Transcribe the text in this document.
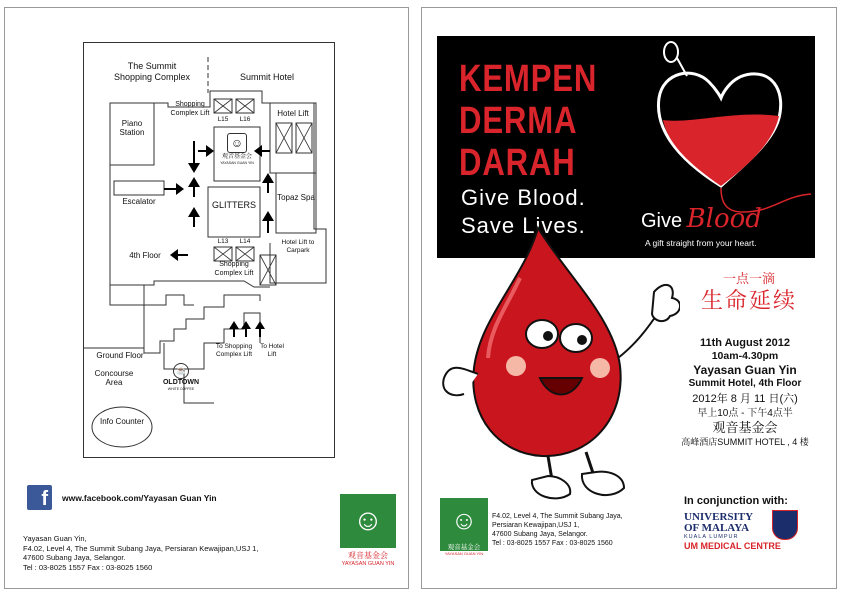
The Summit Shopping Complex	Summit Hotel
Piano Station
Shopping Complex Lift
L15	L16
Hotel Lift
☺
观音基金会
YAYASAN GUAN YIN
GLITTERS
Topaz Spa
Escalator
4th Floor
L13	L14	Hotel Lift to Carpark
Shopping Complex Lift
Ground Floor
Concourse Area
☕
OLDTOWN
WHITE COFFEE
To Shopping Complex Lift
To Hotel Lift
Info Counter
f	www.facebook.com/Yayasan Guan Yin
Yayasan Guan Yin,
F4.02, Level 4, The Summit Subang Jaya, Persiaran Kewajipan,USJ 1,
47600 Subang Jaya, Selangor.
Tel : 03-8025 1557 Fax : 03-8025 1560
☺
观音基金会
YAYASAN GUAN YIN
KEMPEN
DERMA
DARAH
Give Blood.
Save Lives.	Give Blood
A gift straight from your heart.
一点一滴
生命延续
11th August 2012
10am-4.30pm
Yayasan Guan Yin
Summit Hotel, 4th Floor
2012年 8 月 11 日(六)
早上10点 - 下午4点半
观音基金会
高峰酒店SUMMIT HOTEL , 4 楼
☺
观音基金会
YAYASAN GUAN YIN
F4.02, Level 4, The Summit Subang Jaya,
Persiaran Kewajipan,USJ 1,
47600 Subang Jaya, Selangor.
Tel : 03-8025 1557 Fax : 03-8025 1560
In conjunction with:
UNIVERSITY
OF MALAYA
KUALA LUMPUR
UM MEDICAL CENTRE
